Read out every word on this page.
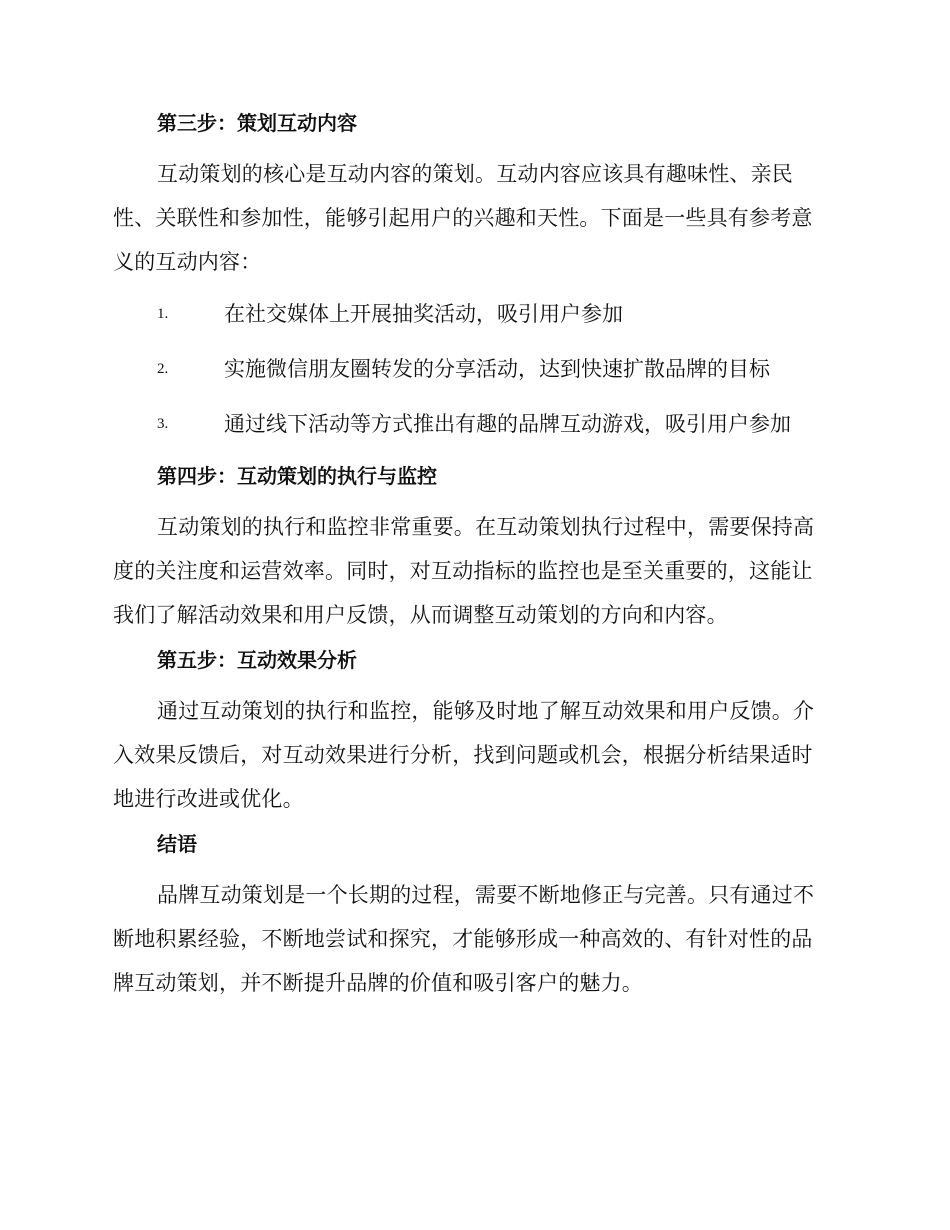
第三步：策划互动内容

互动策划的核心是互动内容的策划。互动内容应该具有趣味性、亲民性、关联性和参加性，能够引起用户的兴趣和天性。下面是一些具有参考意义的互动内容：

1.	在社交媒体上开展抽奖活动，吸引用户参加
2.	实施微信朋友圈转发的分享活动，达到快速扩散品牌的目标
3.	通过线下活动等方式推出有趣的品牌互动游戏，吸引用户参加
第四步：互动策划的执行与监控

互动策划的执行和监控非常重要。在互动策划执行过程中，需要保持高度的关注度和运营效率。同时，对互动指标的监控也是至关重要的，这能让我们了解活动效果和用户反馈，从而调整互动策划的方向和内容。

第五步：互动效果分析

通过互动策划的执行和监控，能够及时地了解互动效果和用户反馈。介入效果反馈后，对互动效果进行分析，找到问题或机会，根据分析结果适时地进行改进或优化。

结语

品牌互动策划是一个长期的过程，需要不断地修正与完善。只有通过不断地积累经验，不断地尝试和探究，才能够形成一种高效的、有针对性的品牌互动策划，并不断提升品牌的价值和吸引客户的魅力。
